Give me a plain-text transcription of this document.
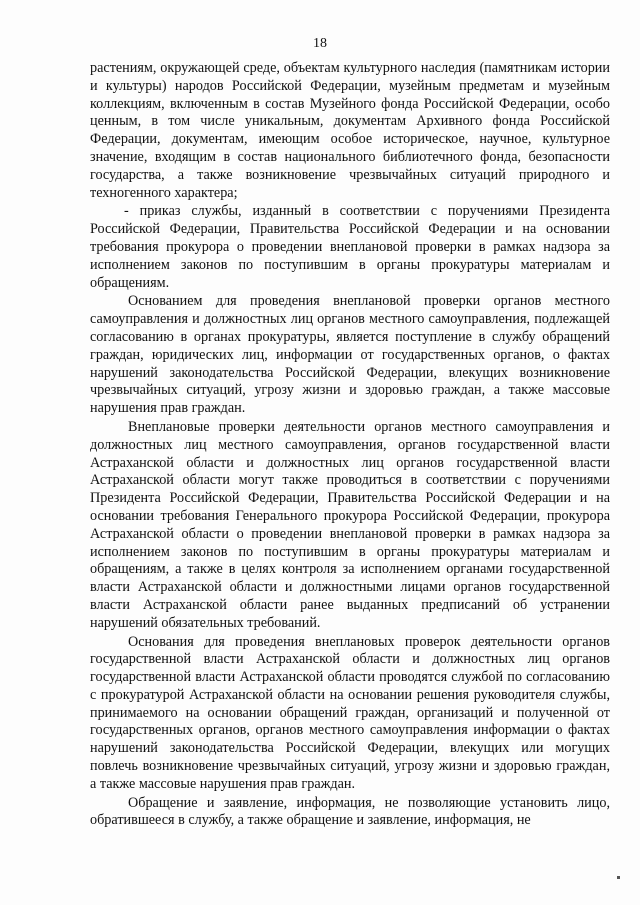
18

растениям, окружающей среде, объектам культурного наследия (памятникам истории и культуры) народов Российской Федерации, музейным предметам и музейным коллекциям, включенным в состав Музейного фонда Российской Федерации, особо ценным, в том числе уникальным, документам Архивного фонда Российской Федерации, документам, имеющим особое историческое, научное, культурное значение, входящим в состав национального библиотечного фонда, безопасности государства, а также возникновение чрезвычайных ситуаций природного и техногенного характера;

- приказ службы, изданный в соответствии с поручениями Президента Российской Федерации, Правительства Российской Федерации и на основании требования прокурора о проведении внеплановой проверки в рамках надзора за исполнением законов по поступившим в органы прокуратуры материалам и обращениям.

Основанием для проведения внеплановой проверки органов местного самоуправления и должностных лиц органов местного самоуправления, подлежащей согласованию в органах прокуратуры, является поступление в службу обращений граждан, юридических лиц, информации от государственных органов, о фактах нарушений законодательства Российской Федерации, влекущих возникновение чрезвычайных ситуаций, угрозу жизни и здоровью граждан, а также массовые нарушения прав граждан.

Внеплановые проверки деятельности органов местного самоуправления и должностных лиц местного самоуправления, органов государственной власти Астраханской области и должностных лиц органов государственной власти Астраханской области могут также проводиться в соответствии с поручениями Президента Российской Федерации, Правительства Российской Федерации и на основании требования Генерального прокурора Российской Федерации, прокурора Астраханской области о проведении внеплановой проверки в рамках надзора за исполнением законов по поступившим в органы прокуратуры материалам и обращениям, а также в целях контроля за исполнением органами государственной власти Астраханской области и должностными лицами органов государственной власти Астраханской области ранее выданных предписаний об устранении нарушений обязательных требований.

Основания для проведения внеплановых проверок деятельности органов государственной власти Астраханской области и должностных лиц органов государственной власти Астраханской области проводятся службой по согласованию с прокуратурой Астраханской области на основании решения руководителя службы, принимаемого на основании обращений граждан, организаций и полученной от государственных органов, органов местного самоуправления информации о фактах нарушений законодательства Российской Федерации, влекущих или могущих повлечь возникновение чрезвычайных ситуаций, угрозу жизни и здоровью граждан, а также массовые нарушения прав граждан.

Обращение и заявление, информация, не позволяющие установить лицо, обратившееся в службу, а также обращение и заявление, информация, не
